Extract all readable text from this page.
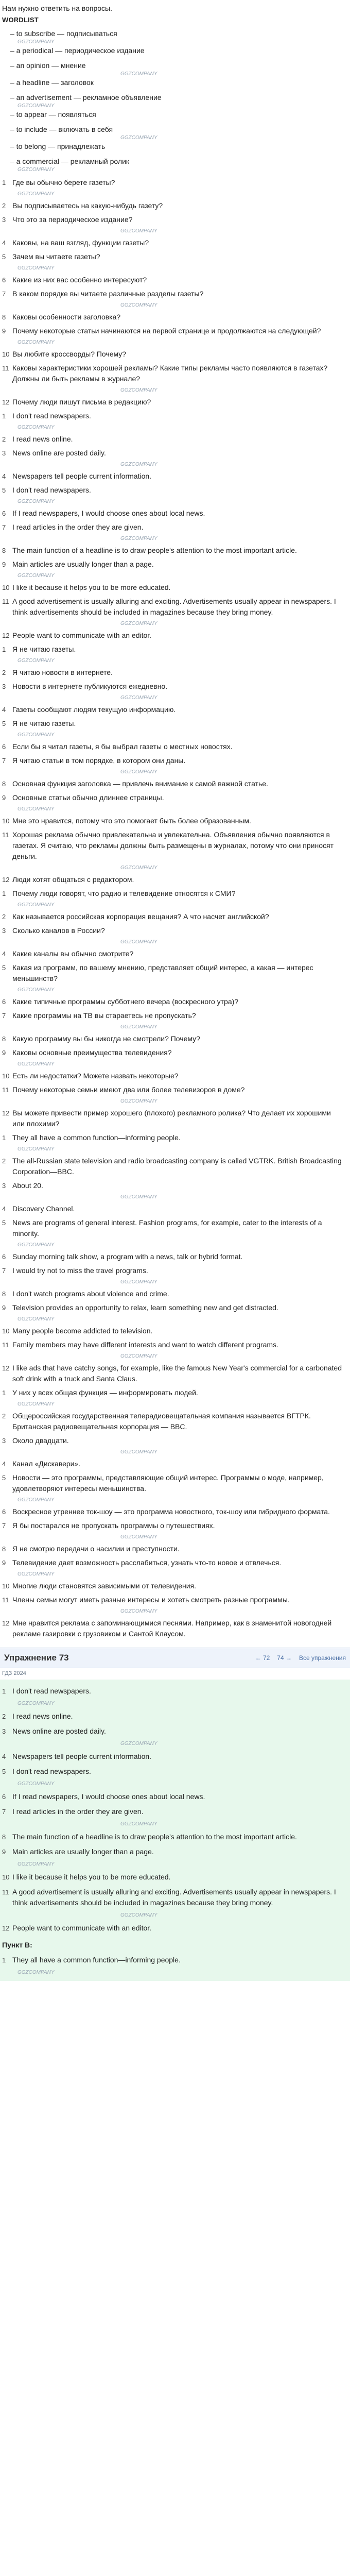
Нам нужно ответить на вопросы.

WORDLIST
– to subscribe — подписываться
GGZCOMPANY
– a periodical — периодическое издание
– an opinion — мнение
GGZCOMPANY
– a headline — заголовок
– an advertisement — рекламное объявление
GGZCOMPANY
– to appear — появляться
– to include — включать в себя
GGZCOMPANY
– to belong — принадлежать
– a commercial — рекламный ролик
GGZCOMPANY
1 Где вы обычно берете газеты?
GGZCOMPANY
2 Вы подписываетесь на какую-нибудь газету?
3 Что это за периодическое издание?
GGZCOMPANY
4 Каковы, на ваш взгляд, функции газеты?
5 Зачем вы читаете газеты?
GGZCOMPANY
6 Какие из них вас особенно интересуют?
7 В каком порядке вы читаете различные разделы газеты?
GGZCOMPANY
8 Каковы особенности заголовка?
9 Почему некоторые статьи начинаются на первой странице и продолжаются на следующей?
GGZCOMPANY
10 Вы любите кроссворды? Почему?
11 Каковы характеристики хорошей рекламы? Какие типы рекламы часто появляются в газетах? Должны ли быть рекламы в журнале?
GGZCOMPANY
12 Почему люди пишут письма в редакцию?
1 I don't read newspapers.
GGZCOMPANY
2 I read news online.
3 News online are posted daily.
GGZCOMPANY
4 Newspapers tell people current information.
5 I don't read newspapers.
GGZCOMPANY
6 If I read newspapers, I would choose ones about local news.
7 I read articles in the order they are given.
GGZCOMPANY
8 The main function of a headline is to draw people's attention to the most important article.
9 Main articles are usually longer than a page.
GGZCOMPANY
10 I like it because it helps you to be more educated.
11 A good advertisement is usually alluring and exciting. Advertisements usually appear in newspapers. I think advertisements should be included in magazines because they bring money.
GGZCOMPANY
12 People want to communicate with an editor.
1 Я не читаю газеты.
GGZCOMPANY
2 Я читаю новости в интернете.
3 Новости в интернете публикуются ежедневно.
GGZCOMPANY
4 Газеты сообщают людям текущую информацию.
5 Я не читаю газеты.
GGZCOMPANY
6 Если бы я читал газеты, я бы выбрал газеты о местных новостях.
7 Я читаю статьи в том порядке, в котором они даны.
GGZCOMPANY
8 Основная функция заголовка — привлечь внимание к самой важной статье.
9 Основные статьи обычно длиннее страницы.
GGZCOMPANY
10 Мне это нравится, потому что это помогает быть более образованным.
11 Хорошая реклама обычно привлекательна и увлекательна. Объявления обычно появляются в газетах. Я считаю, что рекламы должны быть размещены в журналах, потому что они приносят деньги.
GGZCOMPANY
12 Люди хотят общаться с редактором.
1 Почему люди говорят, что радио и телевидение относятся к СМИ?
GGZCOMPANY
2 Как называется российская корпорация вещания? А что насчет английской?
3 Сколько каналов в России?
GGZCOMPANY
4 Какие каналы вы обычно смотрите?
5 Какая из программ, по вашему мнению, представляет общий интерес, а какая — интерес меньшинств?
GGZCOMPANY
6 Какие типичные программы субботнего вечера (воскресного утра)?
7 Какие программы на ТВ вы стараетесь не пропускать?
GGZCOMPANY
8 Какую программу вы бы никогда не смотрели? Почему?
9 Каковы основные преимущества телевидения?
GGZCOMPANY
10 Есть ли недостатки? Можете назвать некоторые?
11 Почему некоторые семьи имеют два или более телевизоров в доме?
GGZCOMPANY
12 Вы можете привести пример хорошего (плохого) рекламного ролика? Что делает их хорошими или плохими?
1 They all have a common function—informing people.
GGZCOMPANY
2 The all-Russian state television and radio broadcasting company is called VGTRK. British Broadcasting Corporation—BBC.
3 About 20.
GGZCOMPANY
4 Discovery Channel.
5 News are programs of general interest. Fashion programs, for example, cater to the interests of a minority.
GGZCOMPANY
6 Sunday morning talk show, a program with a news, talk or hybrid format.
7 I would try not to miss the travel programs.
GGZCOMPANY
8 I don't watch programs about violence and crime.
9 Television provides an opportunity to relax, learn something new and get distracted.
GGZCOMPANY
10 Many people become addicted to television.
11 Family members may have different interests and want to watch different programs.
GGZCOMPANY
12 I like ads that have catchy songs, for example, like the famous New Year's commercial for a carbonated soft drink with a truck and Santa Claus.
1 У них у всех общая функция — информировать людей.
GGZCOMPANY
2 Общероссийская государственная телерадиовещательная компания называется ВГТРК. Британская радиовещательная корпорация — BBC.
3 Около двадцати.
GGZCOMPANY
4 Канал «Дискавери».
5 Новости — это программы, представляющие общий интерес. Программы о моде, например, удовлетворяют интересы меньшинства.
GGZCOMPANY
6 Воскресное утреннее ток-шоу — это программа новостного, ток-шоу или гибридного формата.
7 Я бы постарался не пропускать программы о путешествиях.
GGZCOMPANY
8 Я не смотрю передачи о насилии и преступности.
9 Телевидение дает возможность расслабиться, узнать что-то новое и отвлечься.
GGZCOMPANY
10 Многие люди становятся зависимыми от телевидения.
11 Члены семьи могут иметь разные интересы и хотеть смотреть разные программы.
GGZCOMPANY
12 Мне нравится реклама с запоминающимися песнями. Например, как в знаменитой новогодней рекламе газировки с грузовиком и Сантой Клаусом.
Упражнение 73	← 72 74 → Все упражнения
ГДЗ 2024
1 I don't read newspapers.
GGZCOMPANY
2 I read news online.
3 News online are posted daily.
GGZCOMPANY
4 Newspapers tell people current information.
5 I don't read newspapers.
GGZCOMPANY
6 If I read newspapers, I would choose ones about local news.
7 I read articles in the order they are given.
GGZCOMPANY
8 The main function of a headline is to draw people's attention to the most important article.
9 Main articles are usually longer than a page.
GGZCOMPANY
10 I like it because it helps you to be more educated.
11 A good advertisement is usually alluring and exciting. Advertisements usually appear in newspapers. I think advertisements should be included in magazines because they bring money.
GGZCOMPANY
12 People want to communicate with an editor.
Пункт B:
1 They all have a common function—informing people.
GGZCOMPANY
